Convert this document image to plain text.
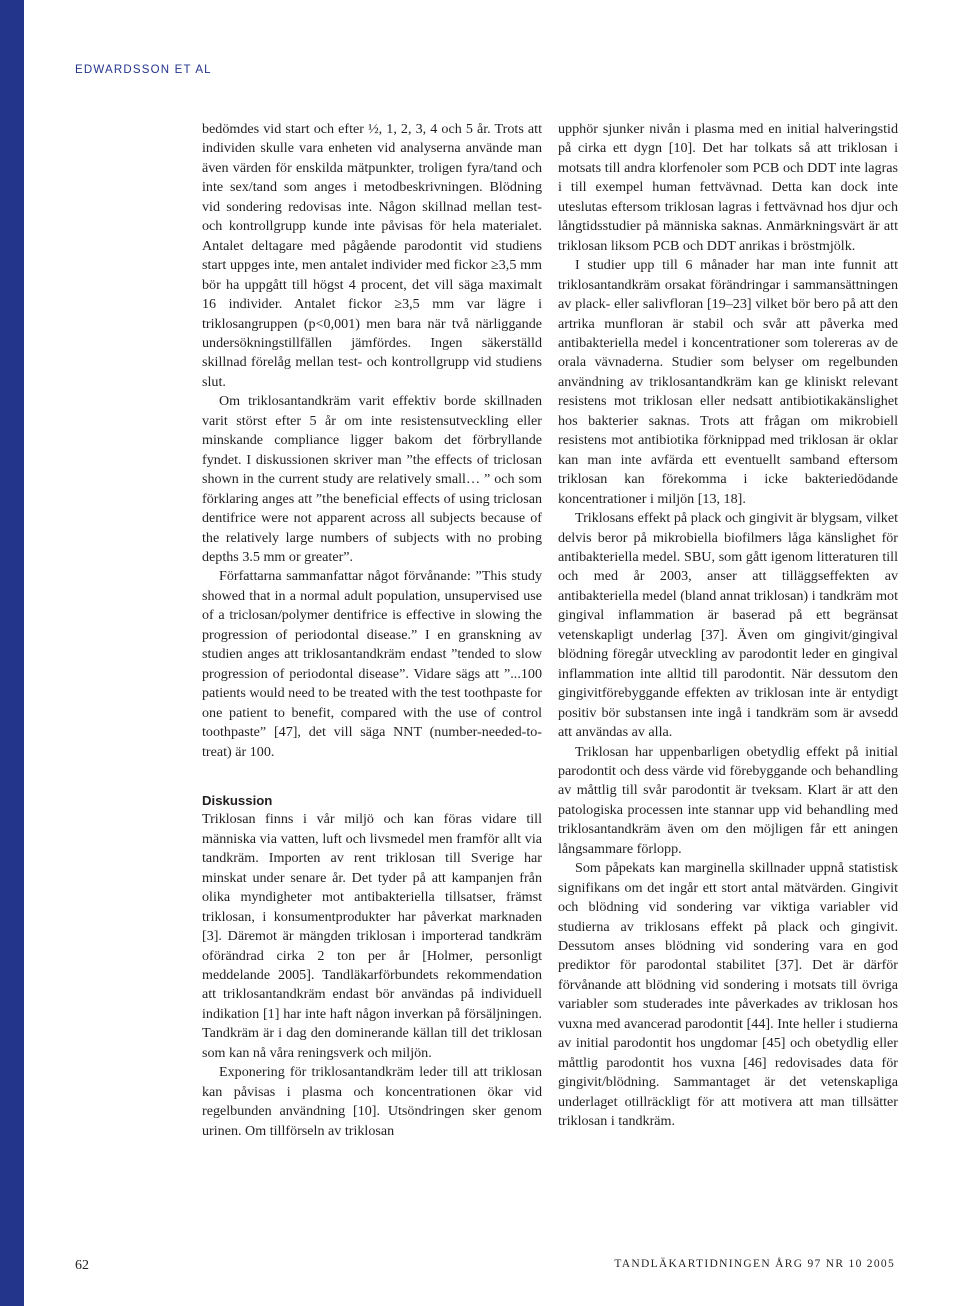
EDWARDSSON ET AL

bedömdes vid start och efter ½, 1, 2, 3, 4 och 5 år. Trots att individen skulle vara enheten vid analyserna använde man även värden för enskilda mätpunkter, troligen fyra/tand och inte sex/tand som anges i metodbeskrivningen. Blödning vid sondering redovisas inte. Någon skillnad mellan test- och kontrollgrupp kunde inte påvisas för hela materialet. Antalet deltagare med pågående parodontit vid studiens start uppges inte, men antalet individer med fickor ≥3,5 mm bör ha uppgått till högst 4 procent, det vill säga maximalt 16 individer. Antalet fickor ≥3,5 mm var lägre i triklosangruppen (p<0,001) men bara när två närliggande undersökningstillfällen jämfördes. Ingen säkerställd skillnad förelåg mellan test- och kontrollgrupp vid studiens slut.

Om triklosantandkräm varit effektiv borde skillnaden varit störst efter 5 år om inte resistensutveckling eller minskande compliance ligger bakom det förbryllande fyndet. I diskussionen skriver man ”the effects of triclosan shown in the current study are relatively small… ” och som förklaring anges att ”the beneficial effects of using triclosan dentifrice were not apparent across all subjects because of the relatively large numbers of subjects with no probing depths 3.5 mm or greater”.

Författarna sammanfattar något förvånande: ”This study showed that in a normal adult population, unsupervised use of a triclosan/polymer dentifrice is effective in slowing the progression of periodontal disease.” I en granskning av studien anges att triklosantandkräm endast ”tended to slow progression of periodontal disease”. Vidare sägs att ”...100 patients would need to be treated with the test toothpaste for one patient to benefit, compared with the use of control toothpaste” [47], det vill säga NNT (number-needed-to-treat) är 100.

Diskussion

Triklosan finns i vår miljö och kan föras vidare till människa via vatten, luft och livsmedel men framför allt via tandkräm. Importen av rent triklosan till Sverige har minskat under senare år. Det tyder på att kampanjen från olika myndigheter mot antibakteriella tillsatser, främst triklosan, i konsumentprodukter har påverkat marknaden [3]. Däremot är mängden triklosan i importerad tandkräm oförändrad cirka 2 ton per år [Holmer, personligt meddelande 2005]. Tandläkarförbundets rekommendation att triklosantandkräm endast bör användas på individuell indikation [1] har inte haft någon inverkan på försäljningen. Tandkräm är i dag den dominerande källan till det triklosan som kan nå våra reningsverk och miljön.

Exponering för triklosantandkräm leder till att triklosan kan påvisas i plasma och koncentrationen ökar vid regelbunden användning [10]. Utsöndringen sker genom urinen. Om tillförseln av triklosan

upphör sjunker nivån i plasma med en initial halveringstid på cirka ett dygn [10]. Det har tolkats så att triklosan i motsats till andra klorfenoler som PCB och DDT inte lagras i till exempel human fettvävnad. Detta kan dock inte uteslutas eftersom triklosan lagras i fettvävnad hos djur och långtidsstudier på människa saknas. Anmärkningsvärt är att triklosan liksom PCB och DDT anrikas i bröstmjölk.

I studier upp till 6 månader har man inte funnit att triklosantandkräm orsakat förändringar i sammansättningen av plack- eller salivfloran [19–23] vilket bör bero på att den artrika munfloran är stabil och svår att påverka med antibakteriella medel i koncentrationer som tolereras av de orala vävnaderna. Studier som belyser om regelbunden användning av triklosantandkräm kan ge kliniskt relevant resistens mot triklosan eller nedsatt antibiotikakänslighet hos bakterier saknas. Trots att frågan om mikrobiell resistens mot antibiotika förknippad med triklosan är oklar kan man inte avfärda ett eventuellt samband eftersom triklosan kan förekomma i icke bakteriedödande koncentrationer i miljön [13, 18].

Triklosans effekt på plack och gingivit är blygsam, vilket delvis beror på mikrobiella biofilmers låga känslighet för antibakteriella medel. SBU, som gått igenom litteraturen till och med år 2003, anser att tilläggseffekten av antibakteriella medel (bland annat triklosan) i tandkräm mot gingival inflammation är baserad på ett begränsat vetenskapligt underlag [37]. Även om gingivit/gingival blödning föregår utveckling av parodontit leder en gingival inflammation inte alltid till parodontit. När dessutom den gingivitförebyggande effekten av triklosan inte är entydigt positiv bör substansen inte ingå i tandkräm som är avsedd att användas av alla.

Triklosan har uppenbarligen obetydlig effekt på initial parodontit och dess värde vid förebyggande och behandling av måttlig till svår parodontit är tveksam. Klart är att den patologiska processen inte stannar upp vid behandling med triklosantandkräm även om den möjligen får ett aningen långsammare förlopp.

Som påpekats kan marginella skillnader uppnå statistisk signifikans om det ingår ett stort antal mätvärden. Gingivit och blödning vid sondering var viktiga variabler vid studierna av triklosans effekt på plack och gingivit. Dessutom anses blödning vid sondering vara en god prediktor för parodontal stabilitet [37]. Det är därför förvånande att blödning vid sondering i motsats till övriga variabler som studerades inte påverkades av triklosan hos vuxna med avancerad parodontit [44]. Inte heller i studierna av initial parodontit hos ungdomar [45] och obetydlig eller måttlig parodontit hos vuxna [46] redovisades data för gingivit/blödning. Sammantaget är det vetenskapliga underlaget otillräckligt för att motivera att man tillsätter triklosan i tandkräm.

62	TANDLÄKARTIDNINGEN ÅRG 97 NR 10 2005
